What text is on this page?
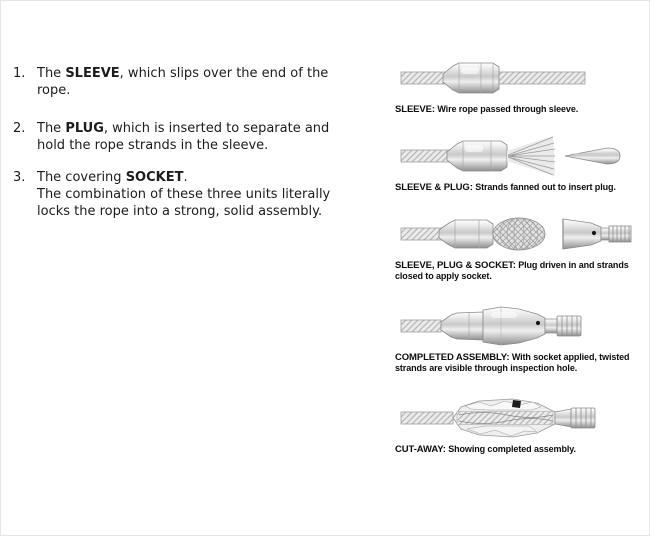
1. The SLEEVE, which slips over the end of the rope.
2. The PLUG, which is inserted to separate and hold the rope strands in the sleeve.
3. The covering SOCKET.
The combination of these three units literally locks the rope into a strong, solid assembly.
SLEEVE: Wire rope passed through sleeve.
SLEEVE & PLUG: Strands fanned out to insert plug.
SLEEVE, PLUG & SOCKET: Plug driven in and strands closed to apply socket.
COMPLETED ASSEMBLY: With socket applied, twisted strands are visible through inspection hole.
CUT-AWAY: Showing completed assembly.
